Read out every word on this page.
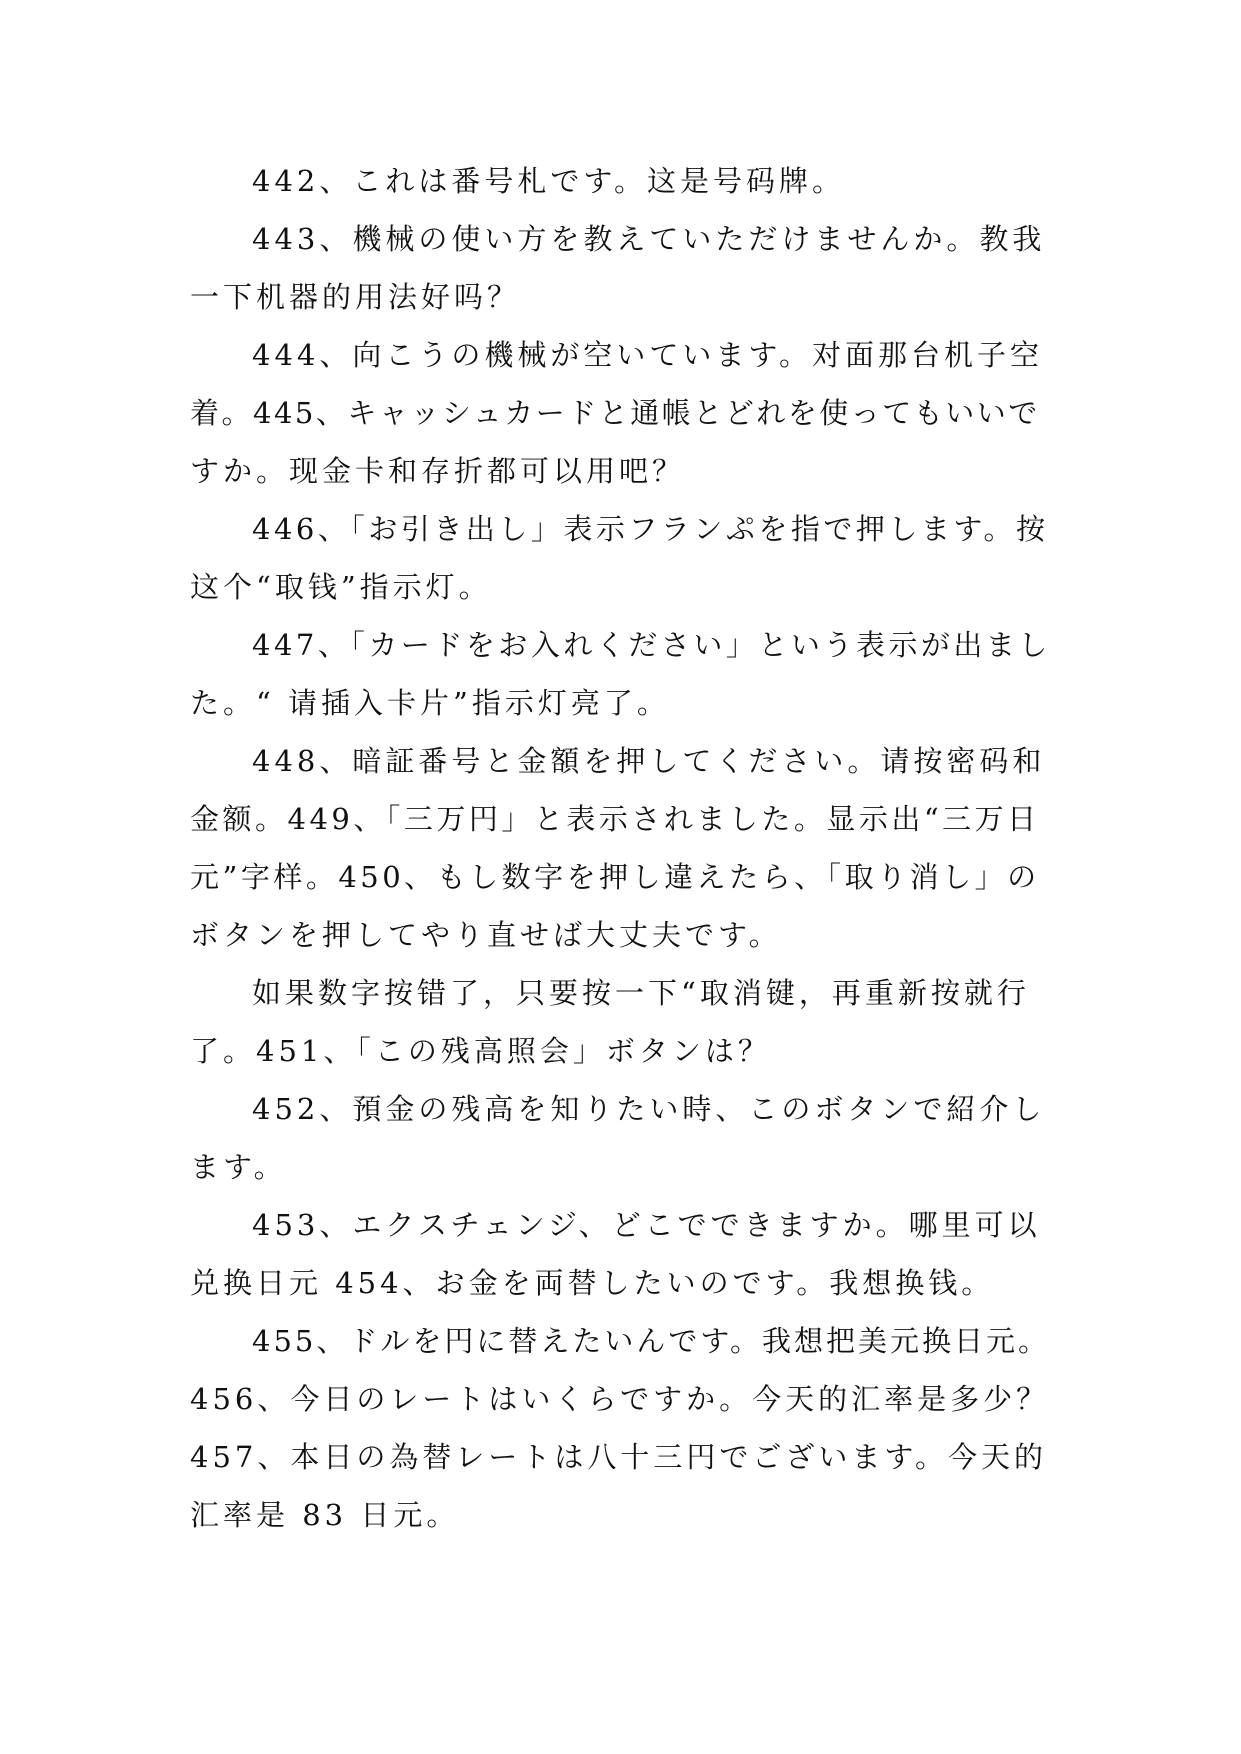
442、これは番号札です。这是号码牌。
443、機械の使い方を教えていただけませんか。教我
一下机器的用法好吗？
444、向こうの機械が空いています。对面那台机子空
着。445、キャッシュカードと通帳とどれを使ってもいいで
すか。现金卡和存折都可以用吧？
446、「お引き出し」表示フランぷを指で押します。按
这个“取钱”指示灯。
447、「カードをお入れください」という表示が出まし
た。“ 请插入卡片”指示灯亮了。
448、暗証番号と金額を押してください。请按密码和
金额。449、「三万円」と表示されました。显示出“三万日
元”字样。450、もし数字を押し違えたら、「取り消し」の
ボタンを押してやり直せば大丈夫です。
如果数字按错了，只要按一下“取消键，再重新按就行
了。451、「この残高照会」ボタンは？
452、預金の残高を知りたい時、このボタンで紹介し
ます。
453、エクスチェンジ、どこでできますか。哪里可以
兑换日元 454、お金を両替したいのです。我想换钱。
455、ドルを円に替えたいんです。我想把美元换日元。
456、今日のレートはいくらですか。今天的汇率是多少？
457、本日の為替レートは八十三円でございます。今天的
汇率是 83 日元。
